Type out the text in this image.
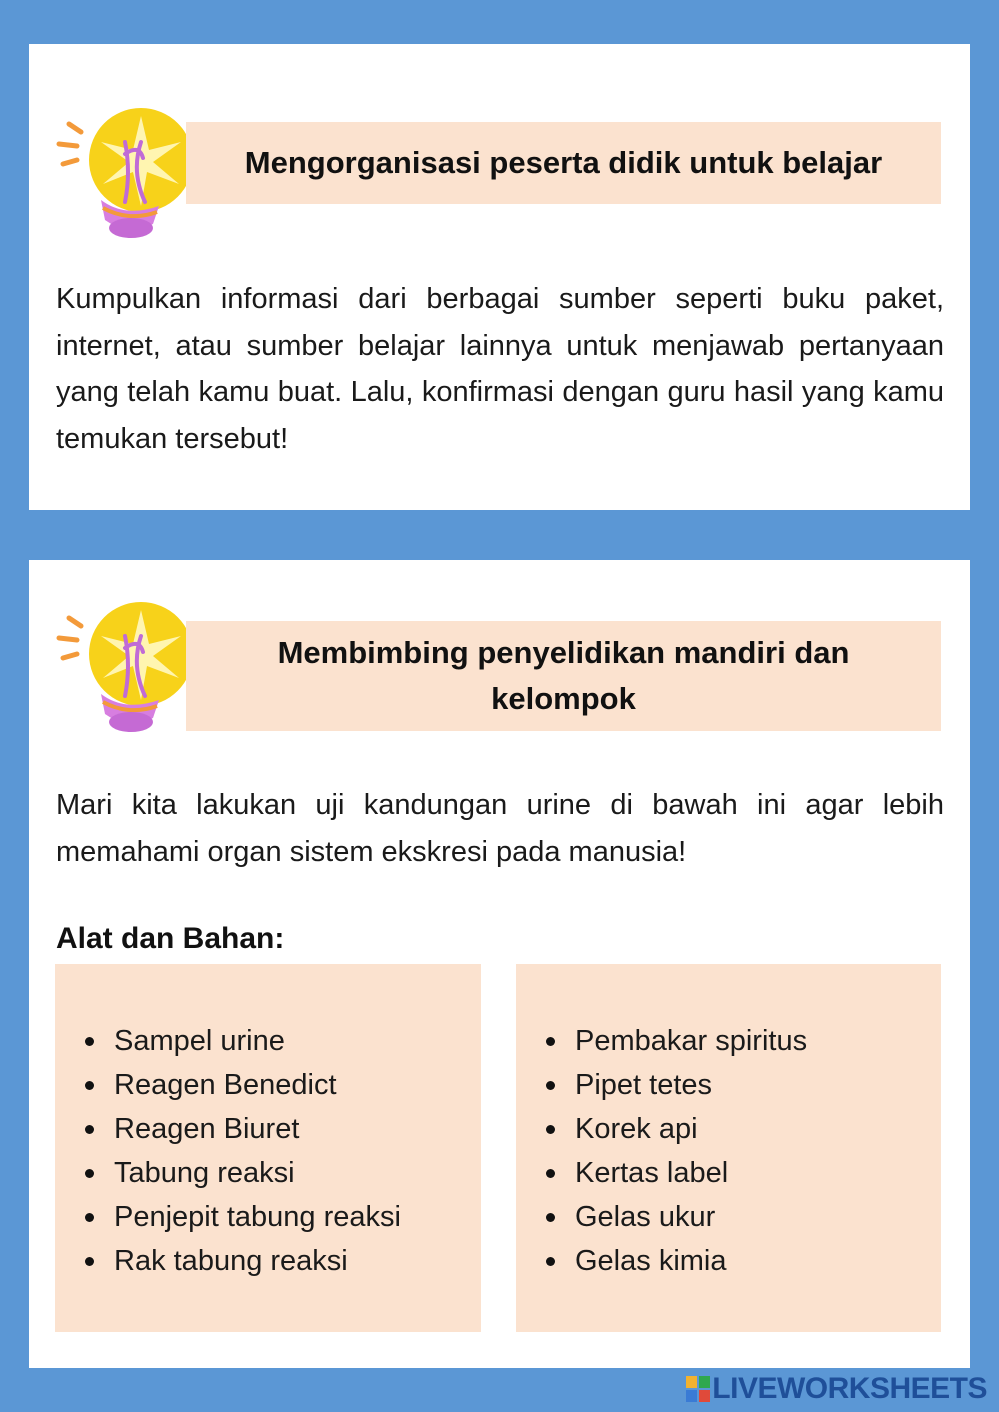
Mengorganisasi peserta didik untuk belajar

Kumpulkan informasi dari berbagai sumber seperti buku paket, internet, atau sumber belajar lainnya untuk menjawab pertanyaan yang telah kamu buat. Lalu, konfirmasi dengan guru hasil yang kamu temukan tersebut!

Membimbing penyelidikan mandiri dan kelompok

Mari kita lakukan uji kandungan urine di bawah ini agar lebih memahami organ sistem ekskresi pada manusia!

Alat dan Bahan:
Sampel urine
Reagen Benedict
Reagen Biuret
Tabung reaksi
Penjepit tabung reaksi
Rak tabung reaksi
Pembakar spiritus
Pipet tetes
Korek api
Kertas label
Gelas ukur
Gelas kimia
LIVEWORKSHEETS
